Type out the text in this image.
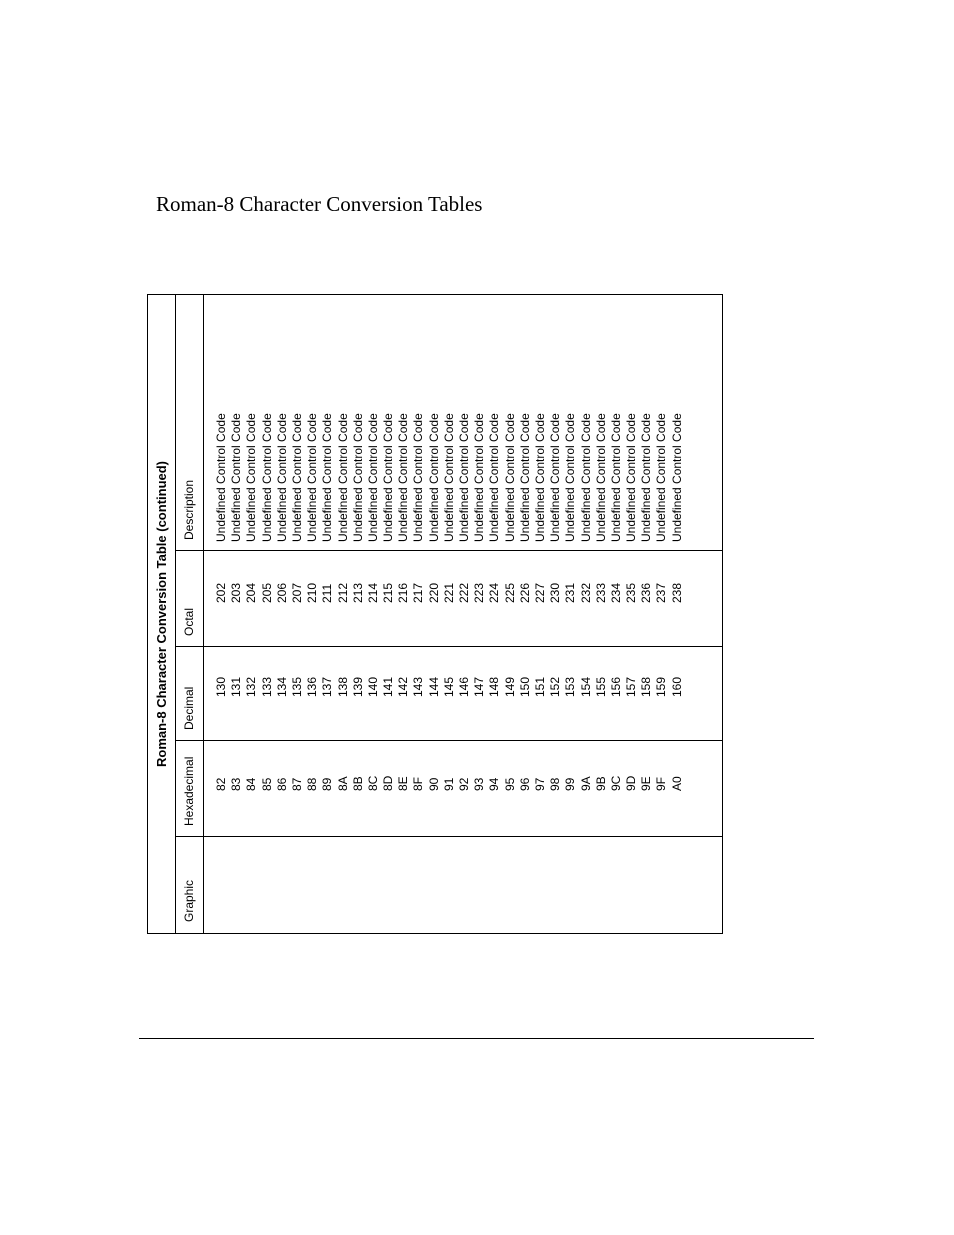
Roman-8 Character Conversion Tables
Roman-8 Character Conversion Table (continued)
Graphic
Hexadecimal
Decimal
Octal
Description
82 83 84 85 86 87 88 89 8A 8B 8C 8D 8E 8F 90 91 92 93 94 95 96 97 98 99 9A 9B 9C 9D 9E 9F A0
130 131 132 133 134 135 136 137 138 139 140 141 142 143 144 145 146 147 148 149 150 151 152 153 154 155 156 157 158 159 160
202 203 204 205 206 207 210 211 212 213 214 215 216 217 220 221 222 223 224 225 226 227 230 231 232 233 234 235 236 237 238
Undefined Control Code Undefined Control Code Undefined Control Code Undefined Control Code Undefined Control Code Undefined Control Code Undefined Control Code Undefined Control Code Undefined Control Code Undefined Control Code Undefined Control Code Undefined Control Code Undefined Control Code Undefined Control Code Undefined Control Code Undefined Control Code Undefined Control Code Undefined Control Code Undefined Control Code Undefined Control Code Undefined Control Code Undefined Control Code Undefined Control Code Undefined Control Code Undefined Control Code Undefined Control Code Undefined Control Code Undefined Control Code Undefined Control Code Undefined Control Code Undefined Control Code
